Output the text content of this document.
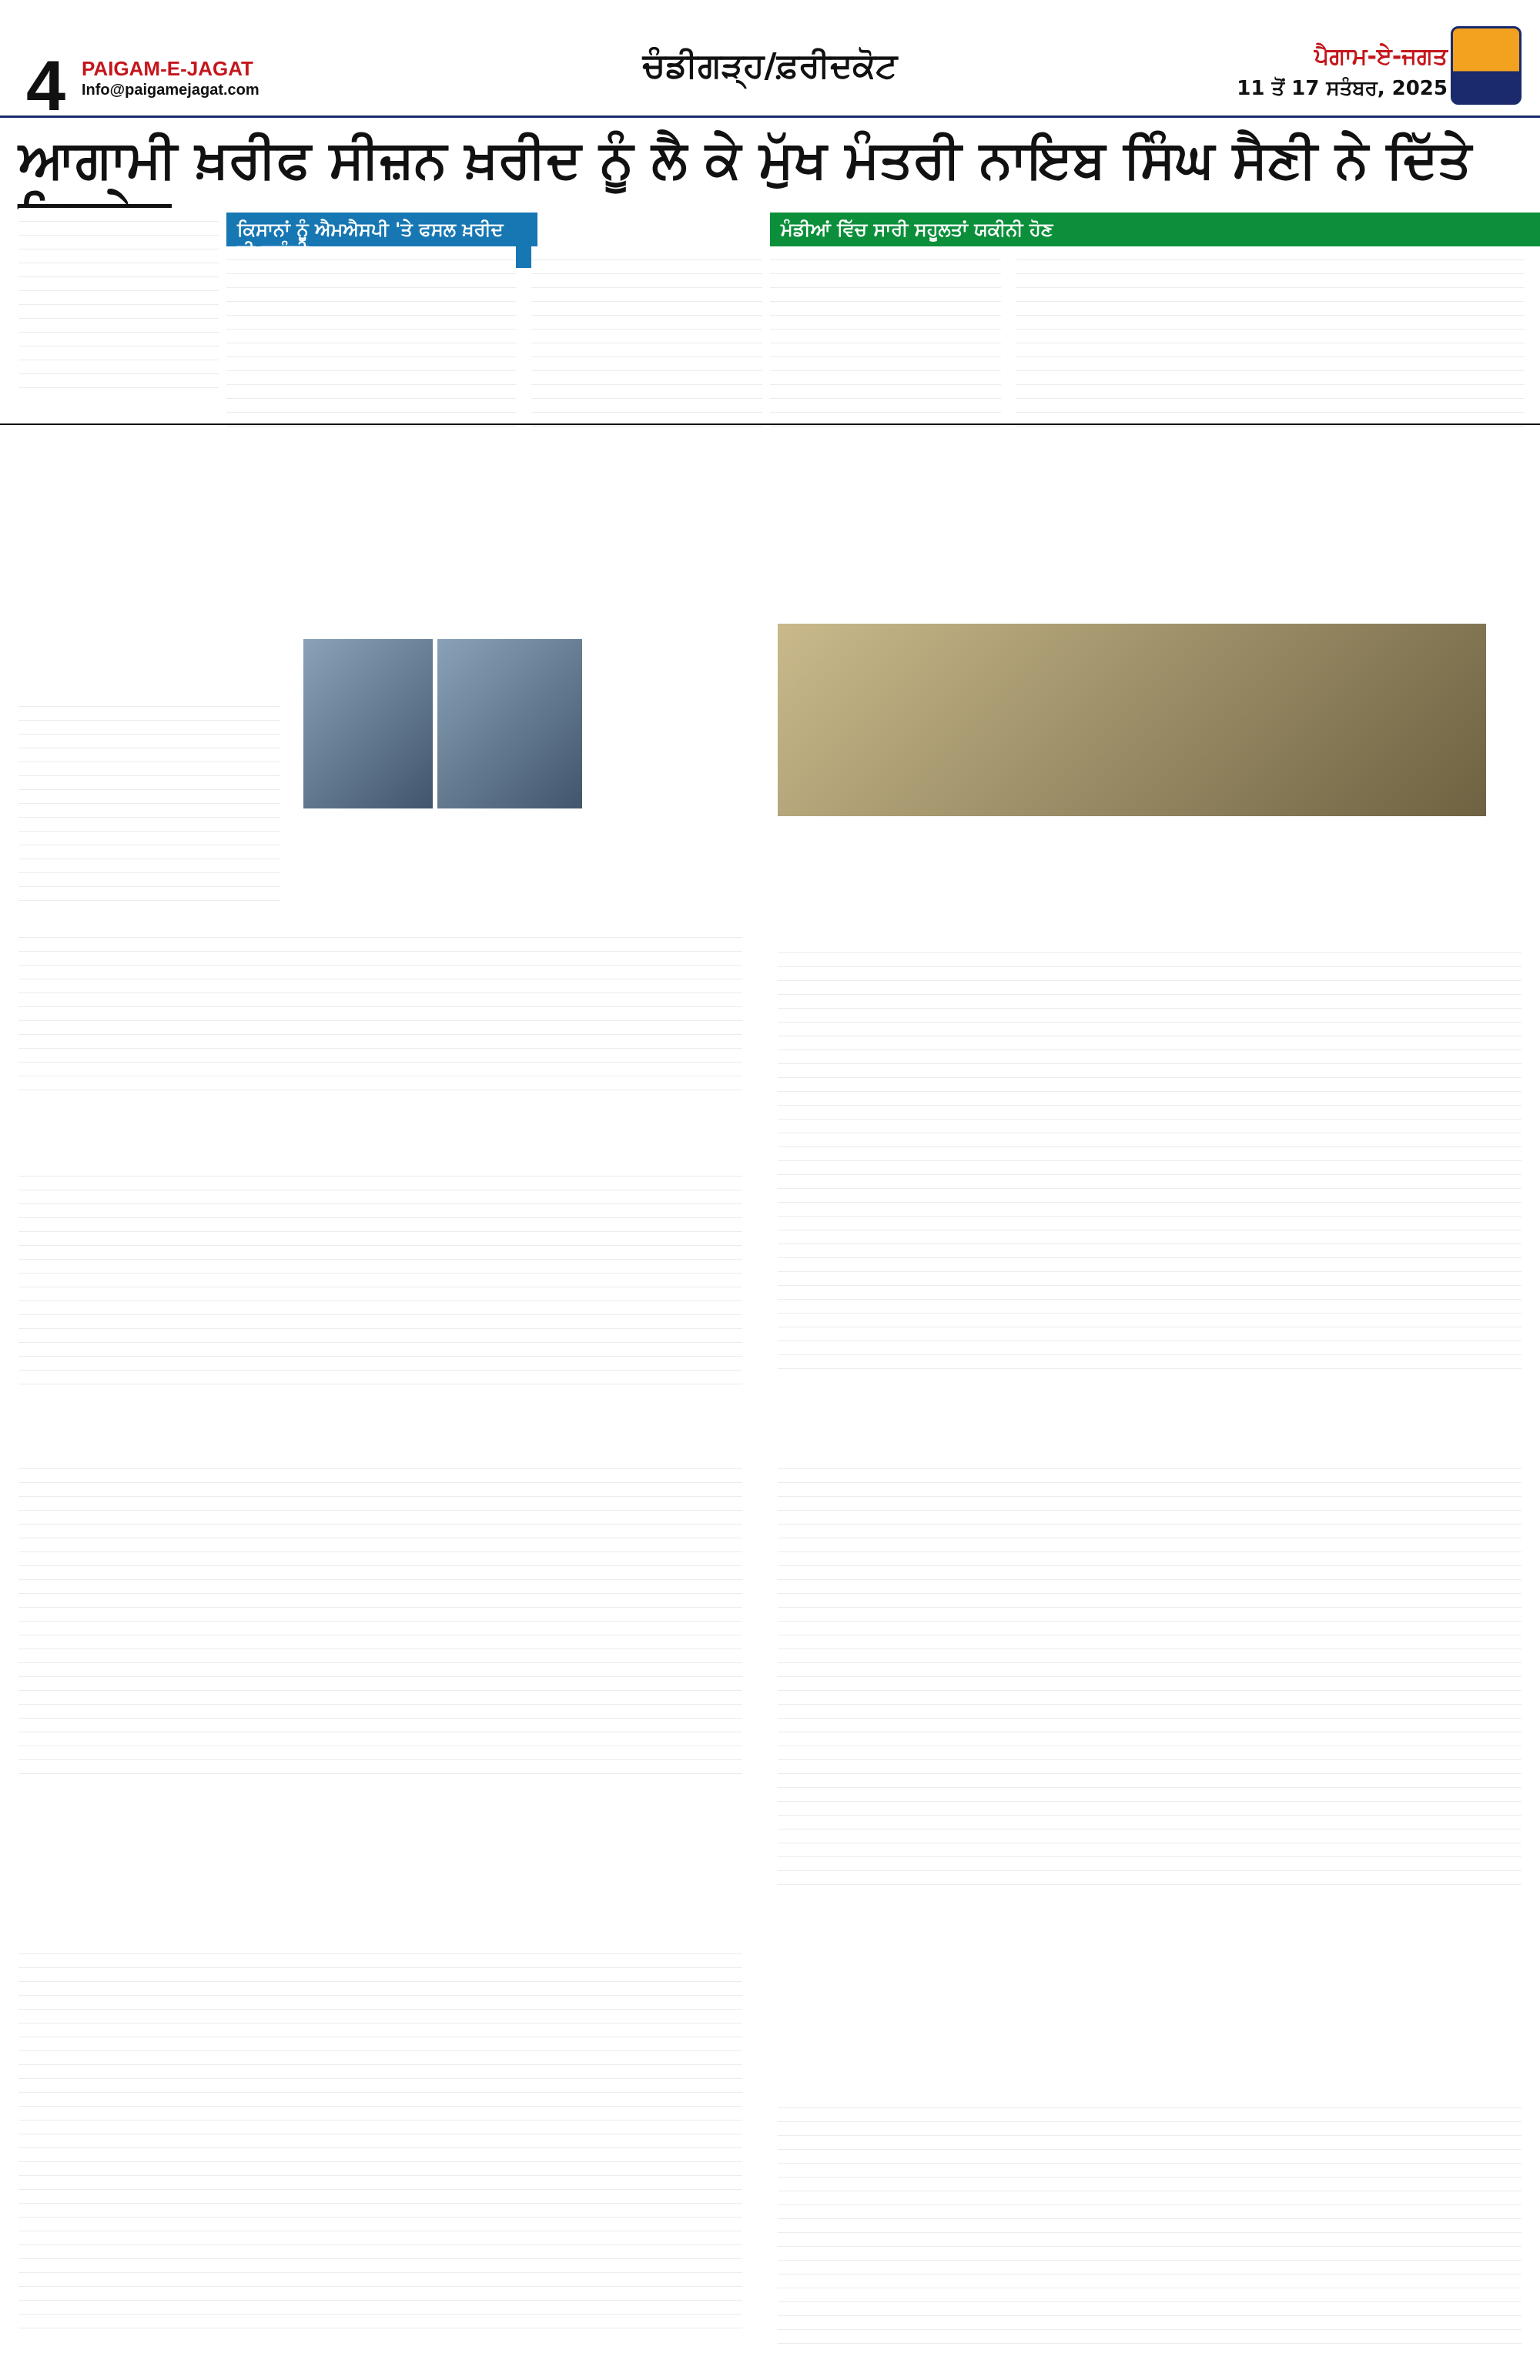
4 PAIGAM-E-JAGAT
Info@paigamejagat.com
ਚੰਡੀਗੜ੍ਹ/ਫ਼ਰੀਦਕੋਟ	ਪੈਗਾਮ-ਏ-ਜਗਤ
11 ਤੋਂ 17 ਸਤੰਬਰ, 2025
ਆਗਾਮੀ ਖ਼ਰੀਫ ਸੀਜ਼ਨ ਖ਼ਰੀਦ ਨੂੰ ਲੈ ਕੇ ਮੁੱਖ ਮੰਤਰੀ ਨਾਇਬ ਸਿੰਘ ਸੈਣੀ ਨੇ ਦਿੱਤੇ
ਕਿਸਾਨਾਂ ਨੂੰ ਐਮਐਸਪੀ 'ਤੇ ਫਸਲ ਖ਼ਰੀਦ	ਮੰਡੀਆਂ ਵਿੱਚ ਸਾਰੀ ਸਹੂਲਤਾਂ ਯਕੀਨੀ ਹੋਣ
